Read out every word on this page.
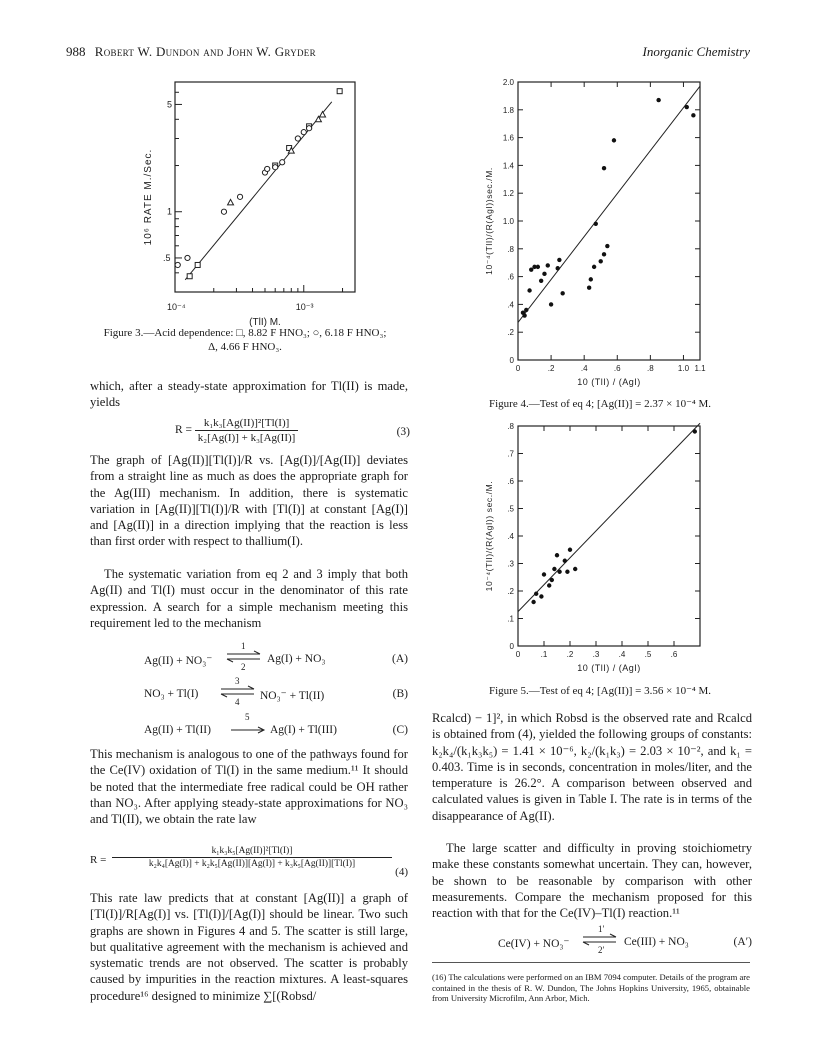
988 Robert W. Dundon and John W. Gryder	Inorganic Chemistry
10⁻⁴	10⁻³
.5
1
5
(TlI) M.
10⁶ RATE M./Sec.
Figure 3.—Acid dependence: □, 8.82 F HNO₃; ○, 6.18 F HNO₃;
Δ, 4.66 F HNO₃.

which, after a steady-state approximation for Tl(II) is made, yields

$R = \frac{\text{k₁k₃[Ag(II)]²[Tl(I)]}}{\text{k₂[Ag(I)] + k₃[Ag(II)]}}$	(3)

The graph of [Ag(II)][Tl(I)]/R vs. [Ag(I)]/[Ag(II)] deviates from a straight line as much as does the appropriate graph for the Ag(III) mechanism. In addition, there is systematic variation in [Ag(II)][Tl(I)]/R with [Tl(I)] at constant [Ag(I)] and [Ag(II)] in a direction implying that the reaction is less than first order with respect to thallium(I).

The systematic variation from eq 2 and 3 imply that both Ag(II) and Tl(I) must occur in the denominator of this rate expression. A search for a simple mechanism meeting this requirement led to the mechanism

Ag(II) + NO₃⁻
1
2
Ag(I) + NO₃	(A)
NO₃ + Tl(I)
3
4 NO₃⁻ + Tl(II)	(B)
Ag(II) + Tl(II)
5
Ag(I) + Tl(III)	(C)

This mechanism is analogous to one of the pathways found for the Ce(IV) oxidation of Tl(I) in the same medium.¹¹ It should be noted that the intermediate free radical could be OH rather than NO₃. After applying steady-state approximations for NO₃ and Tl(II), we obtain the rate law

$R = \frac{\text{k₁k₃k₅[Ag(II)]²[Tl(I)]}}{\text{k₂k₄[Ag(I)] + k₂k₅[Ag(II)][Ag(I)] + k₃k₅[Ag(II)][Tl(I)]}}$
(4)

This rate law predicts that at constant [Ag(II)] a graph of [Tl(I)]/R[Ag(I)] vs. [Tl(I)]/[Ag(I)] should be linear. Two such graphs are shown in Figures 4 and 5. The scatter is still large, but qualitative agreement with the mechanism is achieved and systematic trends are not observed. The scatter is probably caused by impurities in the reaction mixtures. A least-squares procedure¹⁶ designed to minimize ∑[(Robsd/

0	.2	.4	.6	.8	1.0 1.1
0
.2
.4
.6
.8
1.0
1.2
1.4
1.6
1.8
2.0
10 (TlI) / (AgI)
10⁻⁴(TlI)/(R(AgI))sec./M.
Figure 4.—Test of eq 4; [Ag(II)] = 2.37 × 10⁻⁴ M.
0	.1 .2 .3 .4 .5 .6
0
.1
.2
.3
.4
.5
.6
.7
.8
10 (TlI) / (AgI)
10⁻⁴(TlI)/(R(AgI)) sec./M.
Figure 5.—Test of eq 4; [Ag(II)] = 3.56 × 10⁻⁴ M.

Rcalcd) − 1]², in which Robsd is the observed rate and Rcalcd is obtained from (4), yielded the following groups of constants: k₂k₄/(k₁k₃k₅) = 1.41 × 10⁻⁶, k₂/(k₁k₃) = 2.03 × 10⁻², and k₁ = 0.403. Time is in seconds, concentration in moles/liter, and the temperature is 26.2°. A comparison between observed and calculated values is given in Table I. The rate is in terms of the disappearance of Ag(II).

The large scatter and difficulty in proving stoichiometry make these constants somewhat uncertain. They can, however, be shown to be reasonable by comparison with other measurements. Compare the mechanism proposed for this reaction with that for the Ce(IV)–Tl(I) reaction.¹¹

Ce(IV) + NO₃⁻
1′
2′
Ce(III) + NO₃	(A′)
(16) The calculations were performed on an IBM 7094 computer. Details of the program are contained in the thesis of R. W. Dundon, The Johns Hopkins University, 1965, obtainable from University Microfilm, Ann Arbor, Mich.
